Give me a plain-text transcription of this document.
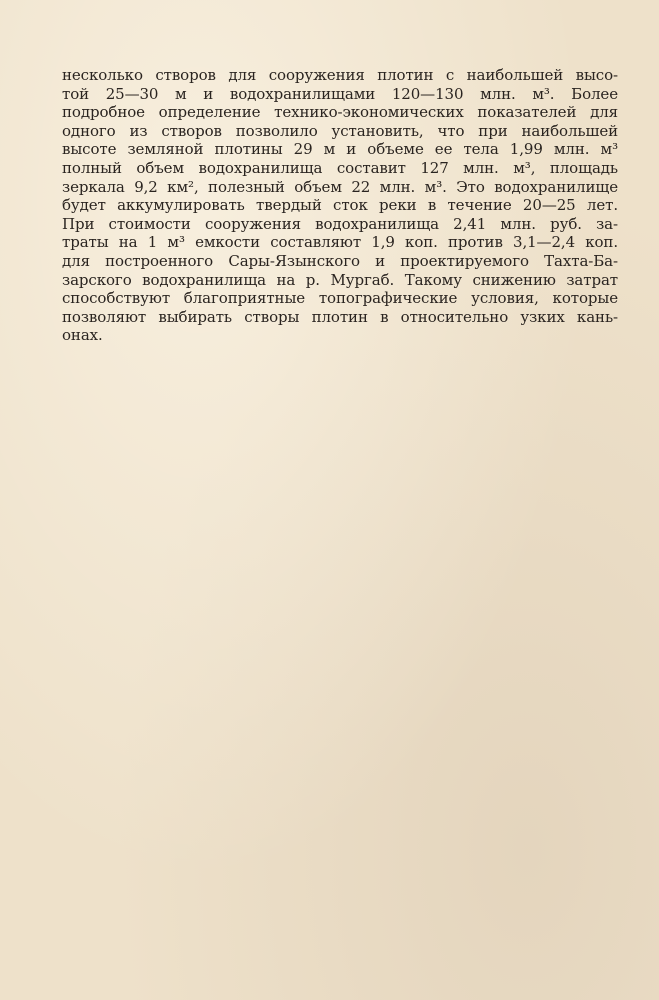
несколько створов для сооружения плотин с наибольшей высо-
той 25—30 м и водохранилищами 120—130 млн. м³. Более
подробное определение технико-экономических показателей для
одного из створов позволило установить, что при наибольшей
высоте земляной плотины 29 м и объеме ее тела 1,99 млн. м³
полный объем водохранилища составит 127 млн. м³, площадь
зеркала 9,2 км², полезный объем 22 млн. м³. Это водохранилище
будет аккумулировать твердый сток реки в течение 20—25 лет.
При стоимости сооружения водохранилища 2,41 млн. руб. за-
траты на 1 м³ емкости составляют 1,9 коп. против 3,1—2,4 коп.
для построенного Сары-Язынского и проектируемого Тахта-Ба-
зарского водохранилища на р. Мургаб. Такому снижению затрат
способствуют благоприятные топографические условия, которые
позволяют выбирать створы плотин в относительно узких кань-
онах.
